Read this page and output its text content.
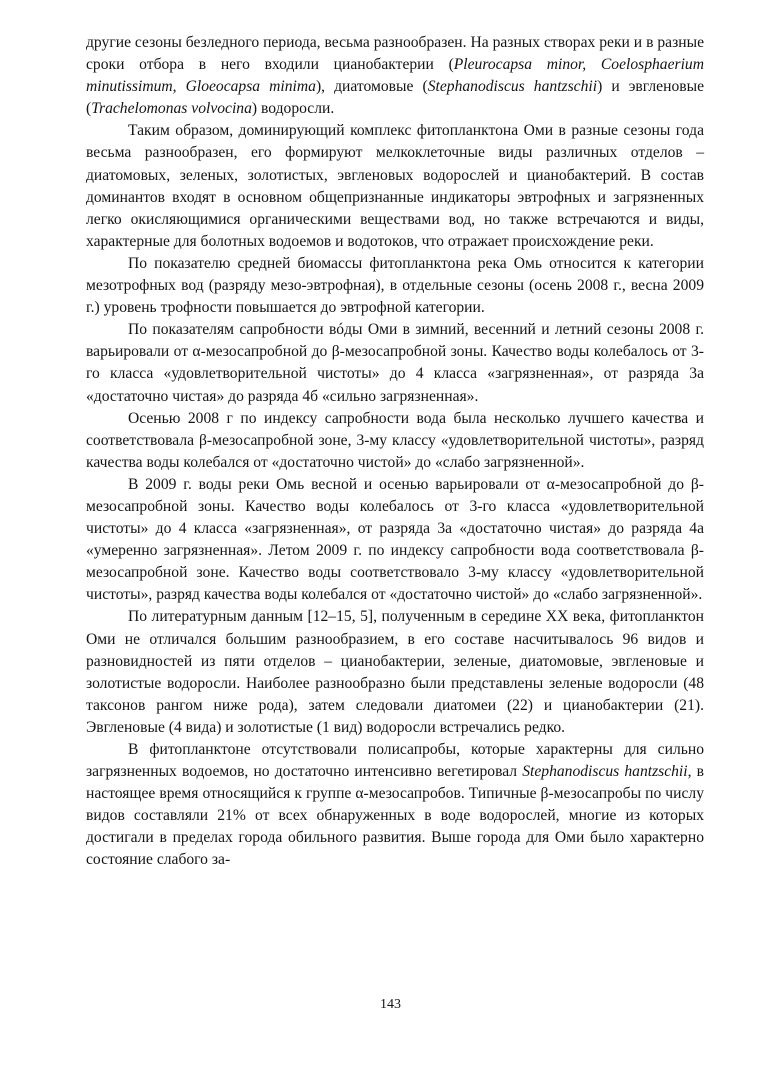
другие сезоны безледного периода, весьма разнообразен. На разных створах реки и в разные сроки отбора в него входили цианобактерии (Pleurocapsa minor, Coelosphaerium minutissimum, Gloeocapsa minima), диатомовые (Stephanodiscus hantzschii) и эвгленовые (Trachelomonas volvocina) водоросли.

Таким образом, доминирующий комплекс фитопланктона Оми в разные сезоны года весьма разнообразен, его формируют мелкоклеточные виды различных отделов – диатомовых, зеленых, золотистых, эвгленовых водорослей и цианобактерий. В состав доминантов входят в основном общепризнанные индикаторы эвтрофных и загрязненных легко окисляющимися органическими веществами вод, но также встречаются и виды, характерные для болотных водоемов и водотоков, что отражает происхождение реки.

По показателю средней биомассы фитопланктона река Омь относится к категории мезотрофных вод (разряду мезо-эвтрофная), в отдельные сезоны (осень 2008 г., весна 2009 г.) уровень трофности повышается до эвтрофной категории.

По показателям сапробности вóды Оми в зимний, весенний и летний сезоны 2008 г. варьировали от α-мезосапробной до β-мезосапробной зоны. Качество воды колебалось от 3-го класса «удовлетворительной чистоты» до 4 класса «загрязненная», от разряда 3а «достаточно чистая» до разряда 4б «сильно загрязненная».

Осенью 2008 г по индексу сапробности вода была несколько лучшего качества и соответствовала β-мезосапробной зоне, 3-му классу «удовлетворительной чистоты», разряд качества воды колебался от «достаточно чистой» до «слабо загрязненной».

В 2009 г. воды реки Омь весной и осенью варьировали от α-мезосапробной до β-мезосапробной зоны. Качество воды колебалось от 3-го класса «удовлетворительной чистоты» до 4 класса «загрязненная», от разряда 3а «достаточно чистая» до разряда 4а «умеренно загрязненная». Летом 2009 г. по индексу сапробности вода соответствовала β-мезосапробной зоне. Качество воды соответствовало 3-му классу «удовлетворительной чистоты», разряд качества воды колебался от «достаточно чистой» до «слабо загрязненной».

По литературным данным [12–15, 5], полученным в середине XX века, фитопланктон Оми не отличался большим разнообразием, в его составе насчитывалось 96 видов и разновидностей из пяти отделов – цианобактерии, зеленые, диатомовые, эвгленовые и золотистые водоросли. Наиболее разнообразно были представлены зеленые водоросли (48 таксонов рангом ниже рода), затем следовали диатомеи (22) и цианобактерии (21). Эвгленовые (4 вида) и золотистые (1 вид) водоросли встречались редко.

В фитопланктоне отсутствовали полисапробы, которые характерны для сильно загрязненных водоемов, но достаточно интенсивно вегетировал Stephanodiscus hantzschii, в настоящее время относящийся к группе α-мезосапробов. Типичные β-мезосапробы по числу видов составляли 21% от всех обнаруженных в воде водорослей, многие из которых достигали в пределах города обильного развития. Выше города для Оми было характерно состояние слабого за-

143
